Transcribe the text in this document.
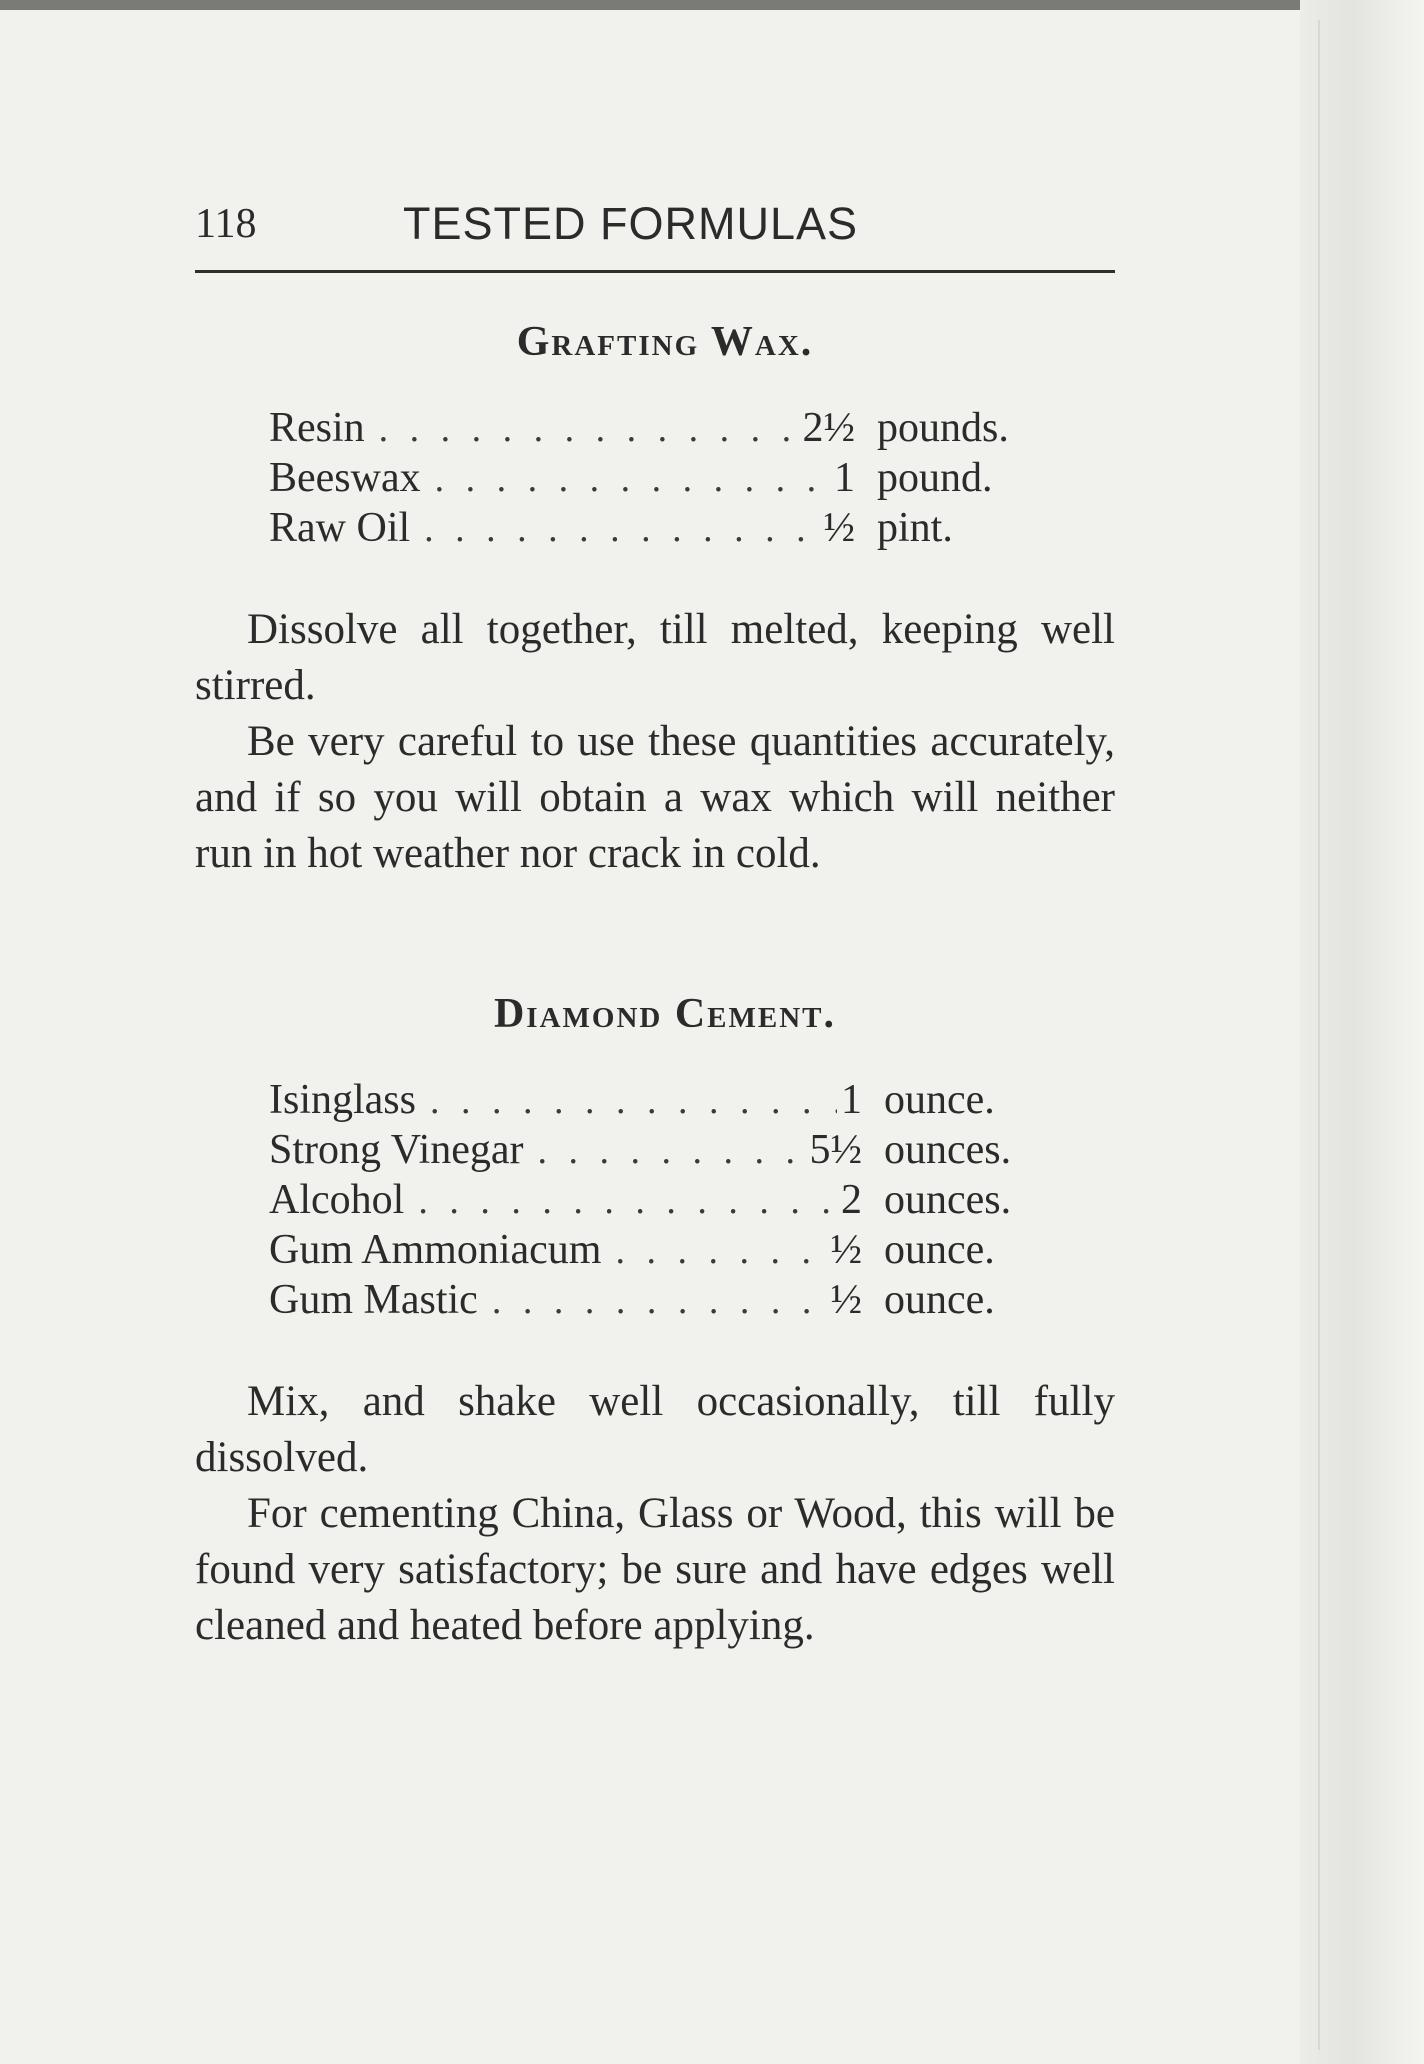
118	TESTED FORMULAS
Grafting Wax.
Resin . . .	2½ pounds.
Beeswax . . .	1 pound.
Raw Oil . . .	½ pint.

Dissolve all together, till melted, keeping well stirred.

Be very careful to use these quantities accurately, and if so you will obtain a wax which will neither run in hot weather nor crack in cold.

Diamond Cement.
Isinglass . . .	1 ounce.
Strong Vinegar . . .	5½ ounces.
Alcohol . . .	2 ounces.
Gum Ammoniacum . . .	½ ounce.
Gum Mastic . . .	½ ounce.

Mix, and shake well occasionally, till fully dissolved.

For cementing China, Glass or Wood, this will be found very satisfactory; be sure and have edges well cleaned and heated before applying.
